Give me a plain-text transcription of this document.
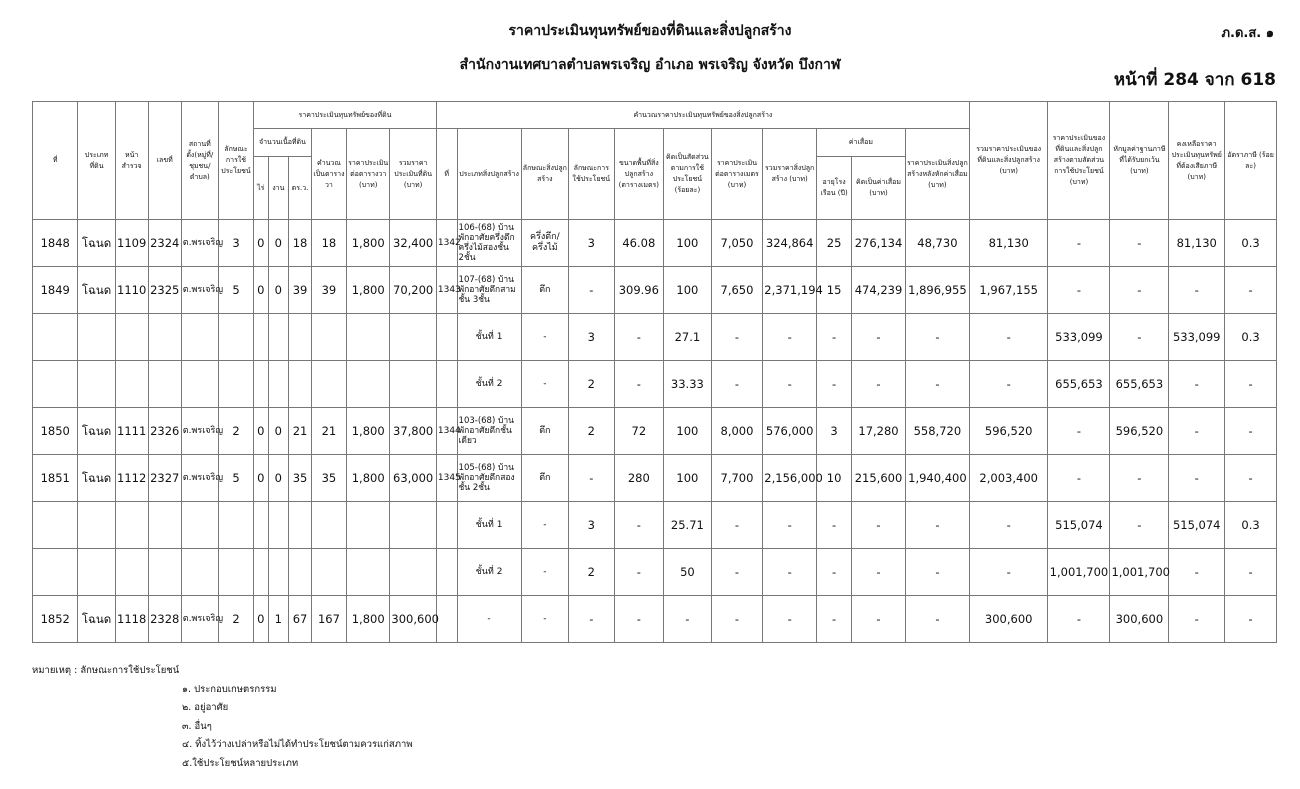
ราคาประเมินทุนทรัพย์ของที่ดินและสิ่งปลูกสร้าง	ภ.ด.ส. ๑
สำนักงานเทศบาลตำบลพรเจริญ อำเภอ พรเจริญ จังหวัด บึงกาฬ
หน้าที่ 284 จาก 618
ที่	ประเภทที่ดิน	หน้าสำรวจ	เลขที่	สถานที่ตั้ง(หมู่ที่/ชุมชน/ตำบล)	ลักษณะการใช้ประโยชน์	ราคาประเมินทุนทรัพย์ของที่ดิน						คำนวณราคาประเมินทุนทรัพย์ของสิ่งปลูกสร้าง											รวมราคาประเมินของที่ดินและสิ่งปลูกสร้าง (บาท)	ราคาประเมินของที่ดินและสิ่งปลูกสร้างตามสัดส่วนการใช้ประโยชน์ (บาท)	หักมูลค่าฐานภาษีที่ได้รับยกเว้น (บาท)	คงเหลือราคาประเมินทุนทรัพย์ที่ต้องเสียภาษี (บาท)	อัตราภาษี (ร้อยละ)
						จำนวนเนื้อที่ดิน			คำนวณเป็นตารางวา	ราคาประเมินต่อตารางวา (บาท)	รวมราคาประเมินที่ดิน (บาท)	ที่	ประเภทสิ่งปลูกสร้าง	ลักษณะสิ่งปลูกสร้าง	ลักษณะการใช้ประโยชน์	ขนาดพื้นที่สิ่งปลูกสร้าง (ตารางเมตร)	คิดเป็นสัดส่วนตามการใช้ประโยชน์ (ร้อยละ)	ราคาประเมินต่อตารางเมตร (บาท)	รวมราคาสิ่งปลูกสร้าง (บาท)	ค่าเสื่อม		ราคาประเมินสิ่งปลูกสร้างหลังหักค่าเสื่อม (บาท)					
						ไร่	งาน	ตร.ว.												อายุโรงเรือน (ปี)	คิดเป็นค่าเสื่อม (บาท)						
1848	โฉนด	1109	2324	ต.พรเจริญ	3	0	0	18	18	1,800	32,400	1342	106-(68) บ้านพักอาศัยครึ่งตึกครึ่งไม้สองชั้น 2ชั้น	ครึ่งตึก/ครึ่งไม้	3	46.08	100	7,050	324,864	25	276,134	48,730	81,130	-	-	81,130	0.3
1849	โฉนด	1110	2325	ต.พรเจริญ	5	0	0	39	39	1,800	70,200	1343	107-(68) บ้านพักอาศัยตึกสามชั้น 3ชั้น	ตึก	-	309.96	100	7,650	2,371,194	15	474,239	1,896,955	1,967,155	-	-	-	-
													ชั้นที่ 1	-	3	-	27.1	-	-	-	-	-	-	533,099	-	533,099	0.3
													ชั้นที่ 2	-	2	-	33.33	-	-	-	-	-	-	655,653	655,653	-	-
1850	โฉนด	1111	2326	ต.พรเจริญ	2	0	0	21	21	1,800	37,800	1344	103-(68) บ้านพักอาศัยตึกชั้นเดียว	ตึก	2	72	100	8,000	576,000	3	17,280	558,720	596,520	-	596,520	-	-
1851	โฉนด	1112	2327	ต.พรเจริญ	5	0	0	35	35	1,800	63,000	1345	105-(68) บ้านพักอาศัยตึกสองชั้น 2ชั้น	ตึก	-	280	100	7,700	2,156,000	10	215,600	1,940,400	2,003,400	-	-	-	-
													ชั้นที่ 1	-	3	-	25.71	-	-	-	-	-	-	515,074	-	515,074	0.3
													ชั้นที่ 2	-	2	-	50	-	-	-	-	-	-	1,001,700	1,001,700	-	-
1852	โฉนด	1118	2328	ต.พรเจริญ	2	0	1	67	167	1,800	300,600		-	-	-	-	-	-	-	-	-	-	300,600	-	300,600	-	-
หมายเหตุ : ลักษณะการใช้ประโยชน์
๑. ประกอบเกษตรกรรม
๒. อยู่อาศัย
๓. อื่นๆ
๔. ทิ้งไว้ว่างเปล่าหรือไม่ได้ทำประโยชน์ตามควรแก่สภาพ
๕.ใช้ประโยชน์หลายประเภท
